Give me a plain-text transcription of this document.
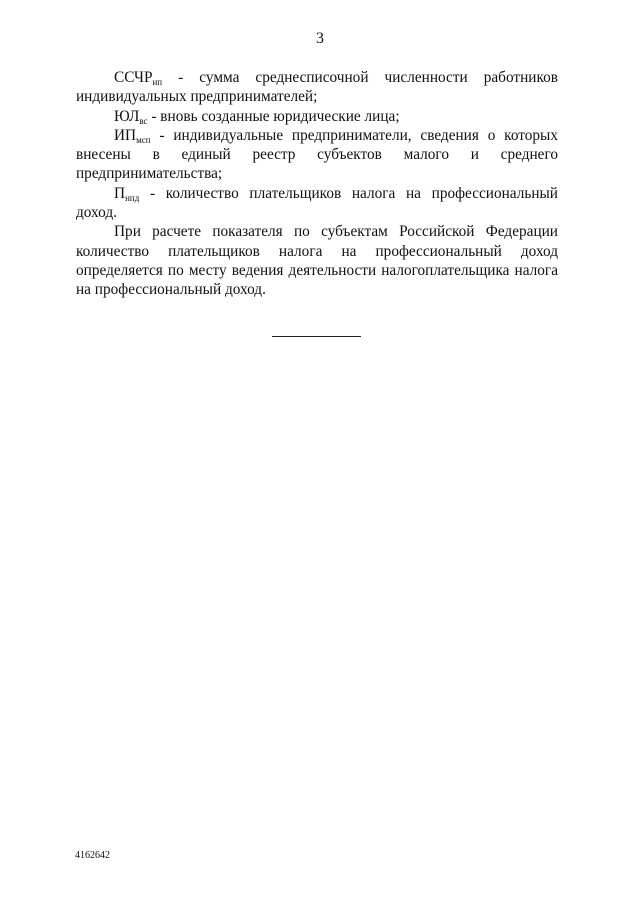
3

$ССЧР_{ип}$ - сумма среднесписочной численности работников индивидуальных предпринимателей;

$ЮЛ_{вс}$ - вновь созданные юридические лица;

$ИП_{мсп}$ - индивидуальные предприниматели, сведения о которых внесены в единый реестр субъектов малого и среднего предпринимательства;

$П_{нпд}$ - количество плательщиков налога на профессиональный доход.

При расчете показателя по субъектам Российской Федерации количество плательщиков налога на профессиональный доход определяется по месту ведения деятельности налогоплательщика налога на профессиональный доход.

4162642
